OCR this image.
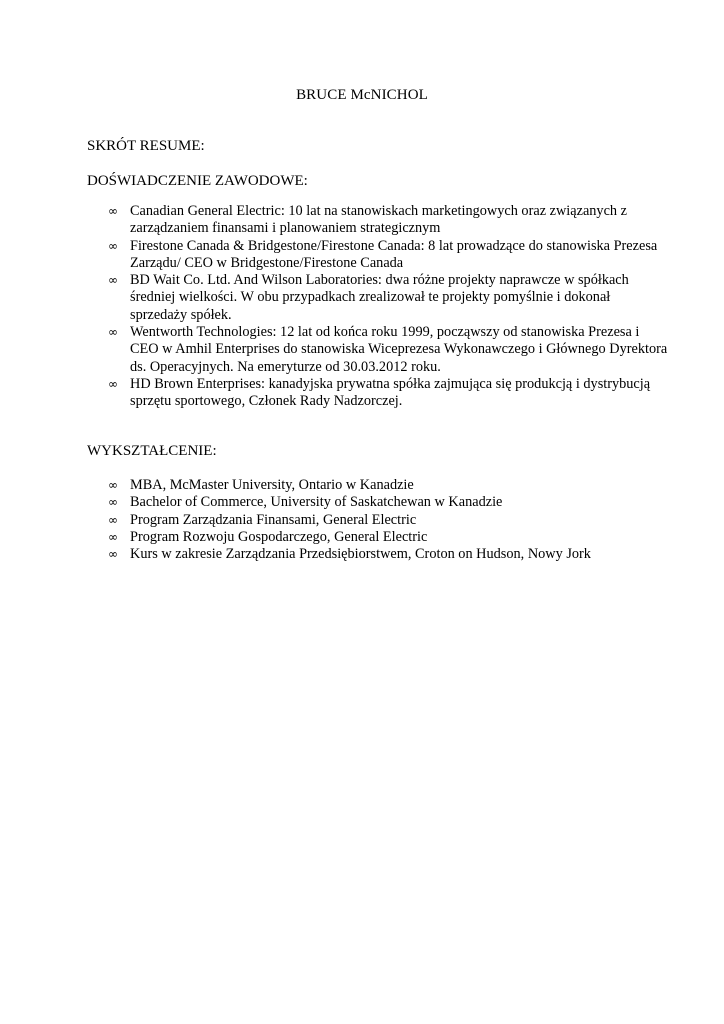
BRUCE McNICHOL
SKRÓT RESUME:
DOŚWIADCZENIE ZAWODOWE:
∞ Canadian General Electric: 10 lat na stanowiskach marketingowych oraz związanych z zarządzaniem finansami i planowaniem strategicznym
∞ Firestone Canada & Bridgestone/Firestone Canada: 8 lat prowadzące do stanowiska Prezesa Zarządu/ CEO w Bridgestone/Firestone Canada
∞ BD Wait Co. Ltd. And Wilson Laboratories: dwa różne projekty naprawcze w spółkach średniej wielkości. W obu przypadkach zrealizował te projekty pomyślnie i dokonał sprzedaży spółek.
∞ Wentworth Technologies: 12 lat od końca roku 1999, począwszy od stanowiska Prezesa i CEO w Amhil Enterprises do stanowiska Wiceprezesa Wykonawczego i Głównego Dyrektora ds. Operacyjnych. Na emeryturze od 30.03.2012 roku.
∞ HD Brown Enterprises: kanadyjska prywatna spółka zajmująca się produkcją i dystrybucją sprzętu sportowego, Członek Rady Nadzorczej.
WYKSZTAŁCENIE:
∞ MBA, McMaster University, Ontario w Kanadzie
∞ Bachelor of Commerce, University of Saskatchewan w Kanadzie
∞ Program Zarządzania Finansami, General Electric
∞ Program Rozwoju Gospodarczego, General Electric
∞ Kurs w zakresie Zarządzania Przedsiębiorstwem, Croton on Hudson, Nowy Jork
